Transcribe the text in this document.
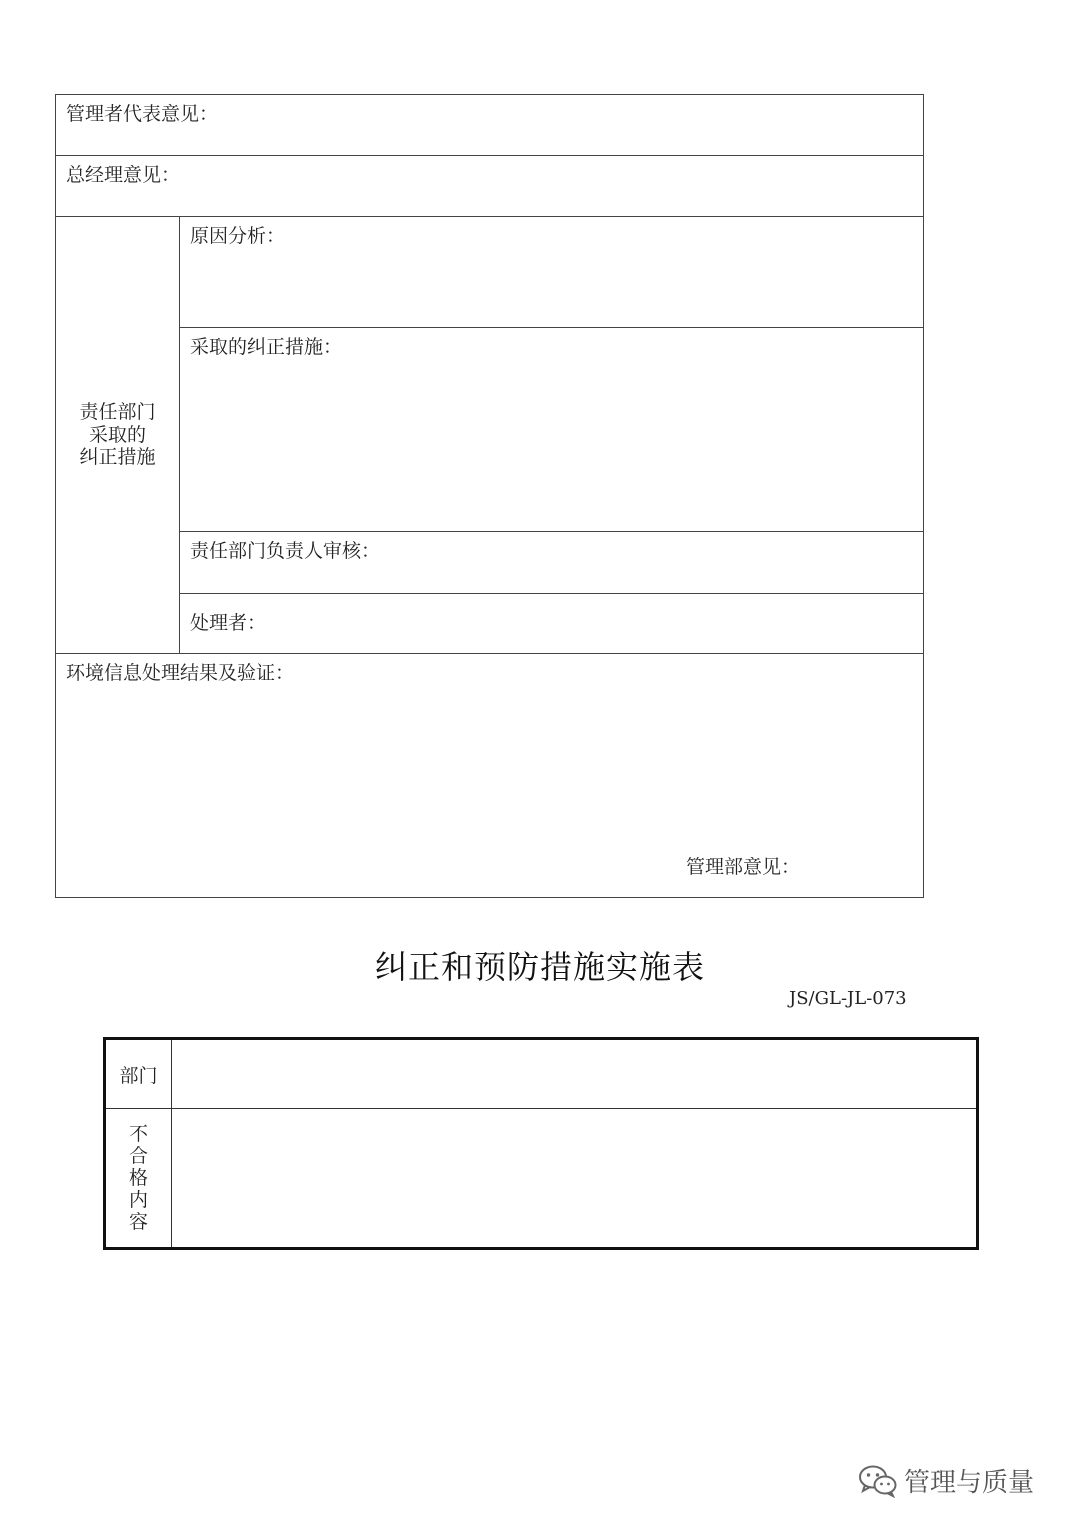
管理者代表意见：

总经理意见：

责任部门
采取的
纠正措施

原因分析：

采取的纠正措施：

责任部门负责人审核：

处理者：

环境信息处理结果及验证：
管理部意见：
纠正和预防措施实施表
JS/GL-JL-073
部门	

不
合
格
内
容	

管理与质量
